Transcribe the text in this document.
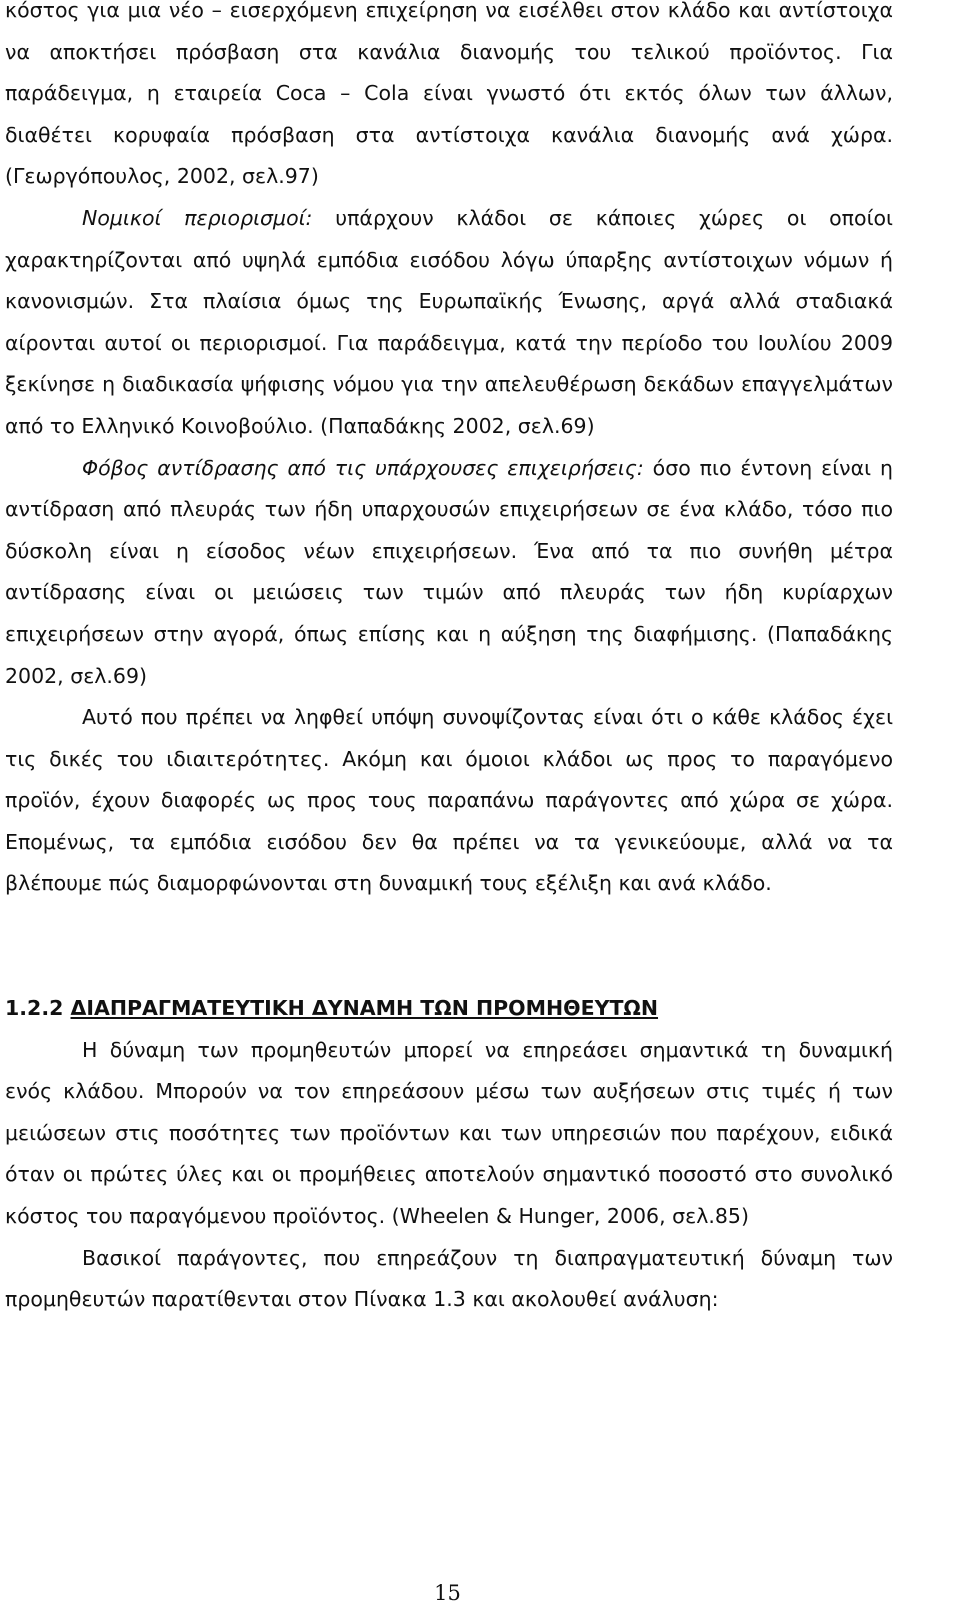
κόστος για μια νέο – εισερχόμενη επιχείρηση να εισέλθει στον κλάδο και αντίστοιχα να αποκτήσει πρόσβαση στα κανάλια διανομής του τελικού προϊόντος. Για παράδειγμα, η εταιρεία Coca – Cola είναι γνωστό ότι εκτός όλων των άλλων, διαθέτει κορυφαία πρόσβαση στα αντίστοιχα κανάλια διανομής ανά χώρα. (Γεωργόπουλος, 2002, σελ.97)

Νομικοί περιορισμοί: υπάρχουν κλάδοι σε κάποιες χώρες οι οποίοι χαρακτηρίζονται από υψηλά εμπόδια εισόδου λόγω ύπαρξης αντίστοιχων νόμων ή κανονισμών. Στα πλαίσια όμως της Ευρωπαϊκής Ένωσης, αργά αλλά σταδιακά αίρονται αυτοί οι περιορισμοί. Για παράδειγμα, κατά την περίοδο του Ιουλίου 2009 ξεκίνησε η διαδικασία ψήφισης νόμου για την απελευθέρωση δεκάδων επαγγελμάτων από το Ελληνικό Κοινοβούλιο. (Παπαδάκης 2002, σελ.69)

Φόβος αντίδρασης από τις υπάρχουσες επιχειρήσεις: όσο πιο έντονη είναι η αντίδραση από πλευράς των ήδη υπαρχουσών επιχειρήσεων σε ένα κλάδο, τόσο πιο δύσκολη είναι η είσοδος νέων επιχειρήσεων. Ένα από τα πιο συνήθη μέτρα αντίδρασης είναι οι μειώσεις των τιμών από πλευράς των ήδη κυρίαρχων επιχειρήσεων στην αγορά, όπως επίσης και η αύξηση της διαφήμισης. (Παπαδάκης 2002, σελ.69)

Αυτό που πρέπει να ληφθεί υπόψη συνοψίζοντας είναι ότι ο κάθε κλάδος έχει τις δικές του ιδιαιτερότητες. Ακόμη και όμοιοι κλάδοι ως προς το παραγόμενο προϊόν, έχουν διαφορές ως προς τους παραπάνω παράγοντες από χώρα σε χώρα. Επομένως, τα εμπόδια εισόδου δεν θα πρέπει να τα γενικεύουμε, αλλά να τα βλέπουμε πώς διαμορφώνονται στη δυναμική τους εξέλιξη και ανά κλάδο.

1.2.2 ΔΙΑΠΡΑΓΜΑΤΕΥΤΙΚΗ ΔΥΝΑΜΗ ΤΩΝ ΠΡΟΜΗΘΕΥΤΩΝ

Η δύναμη των προμηθευτών μπορεί να επηρεάσει σημαντικά τη δυναμική ενός κλάδου. Μπορούν να τον επηρεάσουν μέσω των αυξήσεων στις τιμές ή των μειώσεων στις ποσότητες των προϊόντων και των υπηρεσιών που παρέχουν, ειδικά όταν οι πρώτες ύλες και οι προμήθειες αποτελούν σημαντικό ποσοστό στο συνολικό κόστος του παραγόμενου προϊόντος. (Wheelen & Hunger, 2006, σελ.85)

Βασικοί παράγοντες, που επηρεάζουν τη διαπραγματευτική δύναμη των προμηθευτών παρατίθενται στον Πίνακα 1.3 και ακολουθεί ανάλυση:

15
